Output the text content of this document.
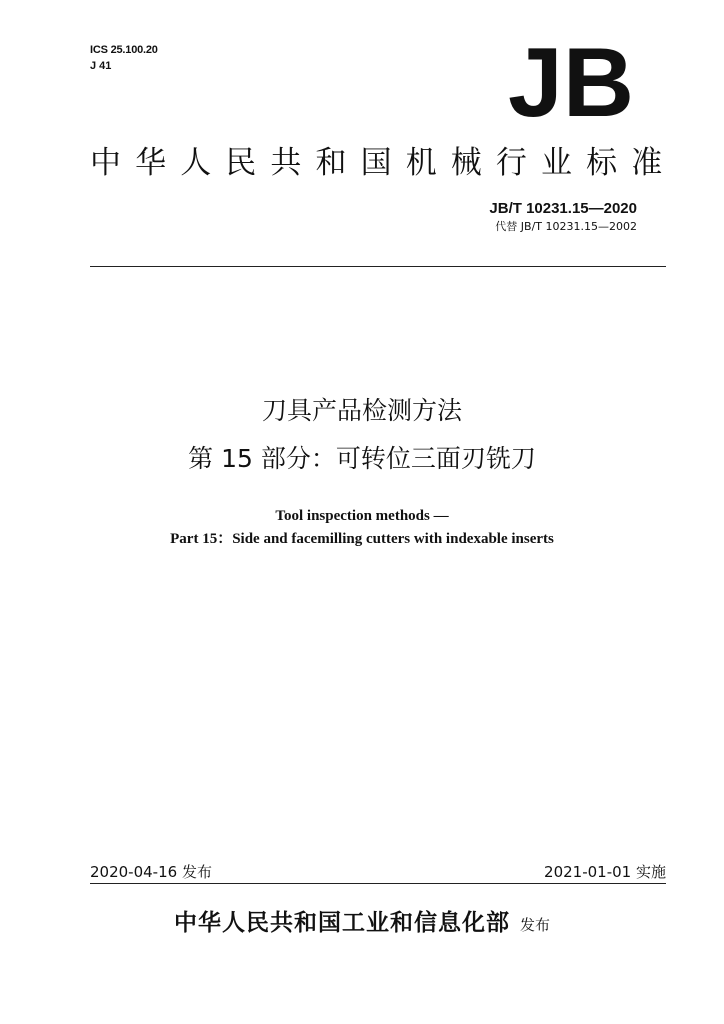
ICS 25.100.20
J 41	JB
中华人民共和国机械行业标准
JB/T 10231.15—2020
代替 JB/T 10231.15—2002
刀具产品检测方法
第 15 部分：可转位三面刃铣刀
Tool inspection methods —
Part 15：Side and facemilling cutters with indexable inserts
2020-04-16 发布	2021-01-01 实施
中华人民共和国工业和信息化部 发布
